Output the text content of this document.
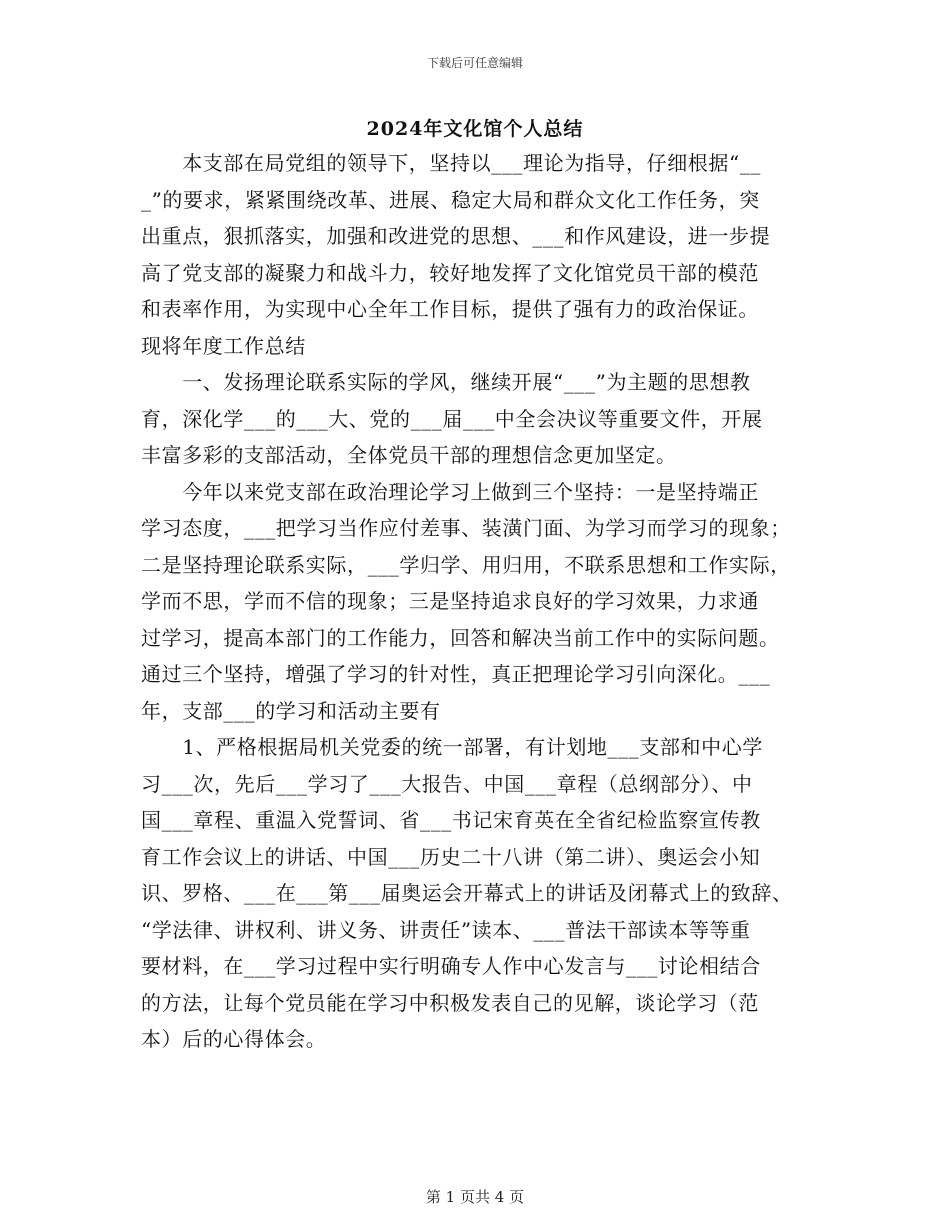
下载后可任意编辑
2024年文化馆个人总结
　　本支部在局党组的领导下，坚持以___理论为指导，仔细根据“__
_”的要求，紧紧围绕改革、进展、稳定大局和群众文化工作任务，突
出重点，狠抓落实，加强和改进党的思想、___和作风建设，进一步提
高了党支部的凝聚力和战斗力，较好地发挥了文化馆党员干部的模范
和表率作用，为实现中心全年工作目标，提供了强有力的政治保证。
现将年度工作总结
　　一、发扬理论联系实际的学风，继续开展“___”为主题的思想教
育，深化学___的___大、党的___届___中全会决议等重要文件，开展
丰富多彩的支部活动，全体党员干部的理想信念更加坚定。
　　今年以来党支部在政治理论学习上做到三个坚持：一是坚持端正
学习态度，___把学习当作应付差事、装潢门面、为学习而学习的现象；
二是坚持理论联系实际，___学归学、用归用，不联系思想和工作实际，
学而不思，学而不信的现象；三是坚持追求良好的学习效果，力求通
过学习，提高本部门的工作能力，回答和解决当前工作中的实际问题。
通过三个坚持，增强了学习的针对性，真正把理论学习引向深化。___
年，支部___的学习和活动主要有
　　1、严格根据局机关党委的统一部署，有计划地___支部和中心学
习___次，先后___学习了___大报告、中国___章程（总纲部分）、中
国___章程、重温入党誓词、省___书记宋育英在全省纪检监察宣传教
育工作会议上的讲话、中国___历史二十八讲（第二讲）、奥运会小知
识、罗格、___在___第___届奥运会开幕式上的讲话及闭幕式上的致辞、
“学法律、讲权利、讲义务、讲责任”读本、___普法干部读本等等重
要材料，在___学习过程中实行明确专人作中心发言与___讨论相结合
的方法，让每个党员能在学习中积极发表自己的见解，谈论学习（范
本）后的心得体会。
第 1 页共 4 页
